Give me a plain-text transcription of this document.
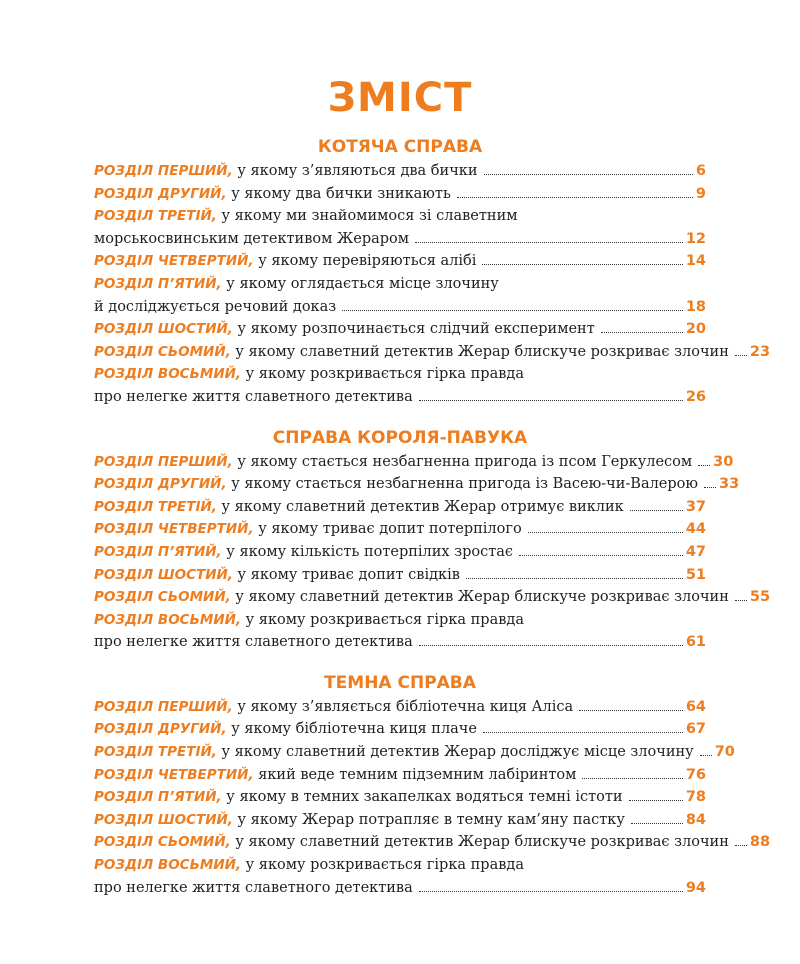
ЗМІСТ
КОТЯЧА СПРАВА
РОЗДІЛ ПЕРШИЙ,
у якому з’являються два бички	6
РОЗДІЛ ДРУГИЙ,
у якому два бички зникають	9
РОЗДІЛ ТРЕТІЙ,
у якому ми знайомимося зі славетним
морськосвинським детективом Жераром	12
РОЗДІЛ ЧЕТВЕРТИЙ,
у якому перевіряються алібі	14
РОЗДІЛ П’ЯТИЙ,
у якому оглядається місце злочину
й досліджується речовий доказ	18
РОЗДІЛ ШОСТИЙ,
у якому розпочинається слідчий експеримент	20
РОЗДІЛ СЬОМИЙ,
у якому славетний детектив Жерар блискуче розкриває злочин 23
РОЗДІЛ ВОСЬМИЙ,
у якому розкривається гірка правда
про нелегке життя славетного детектива	26
СПРАВА КОРОЛЯ-ПАВУКА
РОЗДІЛ ПЕРШИЙ,
у якому стається незбагненна пригода із псом Геркулесом 30
РОЗДІЛ ДРУГИЙ,
у якому стається незбагненна пригода із Васею-чи-Валерою 33
РОЗДІЛ ТРЕТІЙ,
у якому славетний детектив Жерар отримує виклик	37
РОЗДІЛ ЧЕТВЕРТИЙ,
у якому триває допит потерпілого	44
РОЗДІЛ П’ЯТИЙ,
у якому кількість потерпілих зростає	47
РОЗДІЛ ШОСТИЙ,
у якому триває допит свідків	51
РОЗДІЛ СЬОМИЙ,
у якому славетний детектив Жерар блискуче розкриває злочин 55
РОЗДІЛ ВОСЬМИЙ,
у якому розкривається гірка правда
про нелегке життя славетного детектива	61
ТЕМНА СПРАВА
РОЗДІЛ ПЕРШИЙ,
у якому з’являється бібліотечна киця Аліса	64
РОЗДІЛ ДРУГИЙ,
у якому бібліотечна киця плаче	67
РОЗДІЛ ТРЕТІЙ,
у якому славетний детектив Жерар досліджує місце злочину 70
РОЗДІЛ ЧЕТВЕРТИЙ,
який веде темним підземним лабіринтом	76
РОЗДІЛ П’ЯТИЙ,
у якому в темних закапелках водяться темні істоти	78
РОЗДІЛ ШОСТИЙ,
у якому Жерар потрапляє в темну кам’яну пастку	84
РОЗДІЛ СЬОМИЙ,
у якому славетний детектив Жерар блискуче розкриває злочин 88
РОЗДІЛ ВОСЬМИЙ,
у якому розкривається гірка правда
про нелегке життя славетного детектива	94
